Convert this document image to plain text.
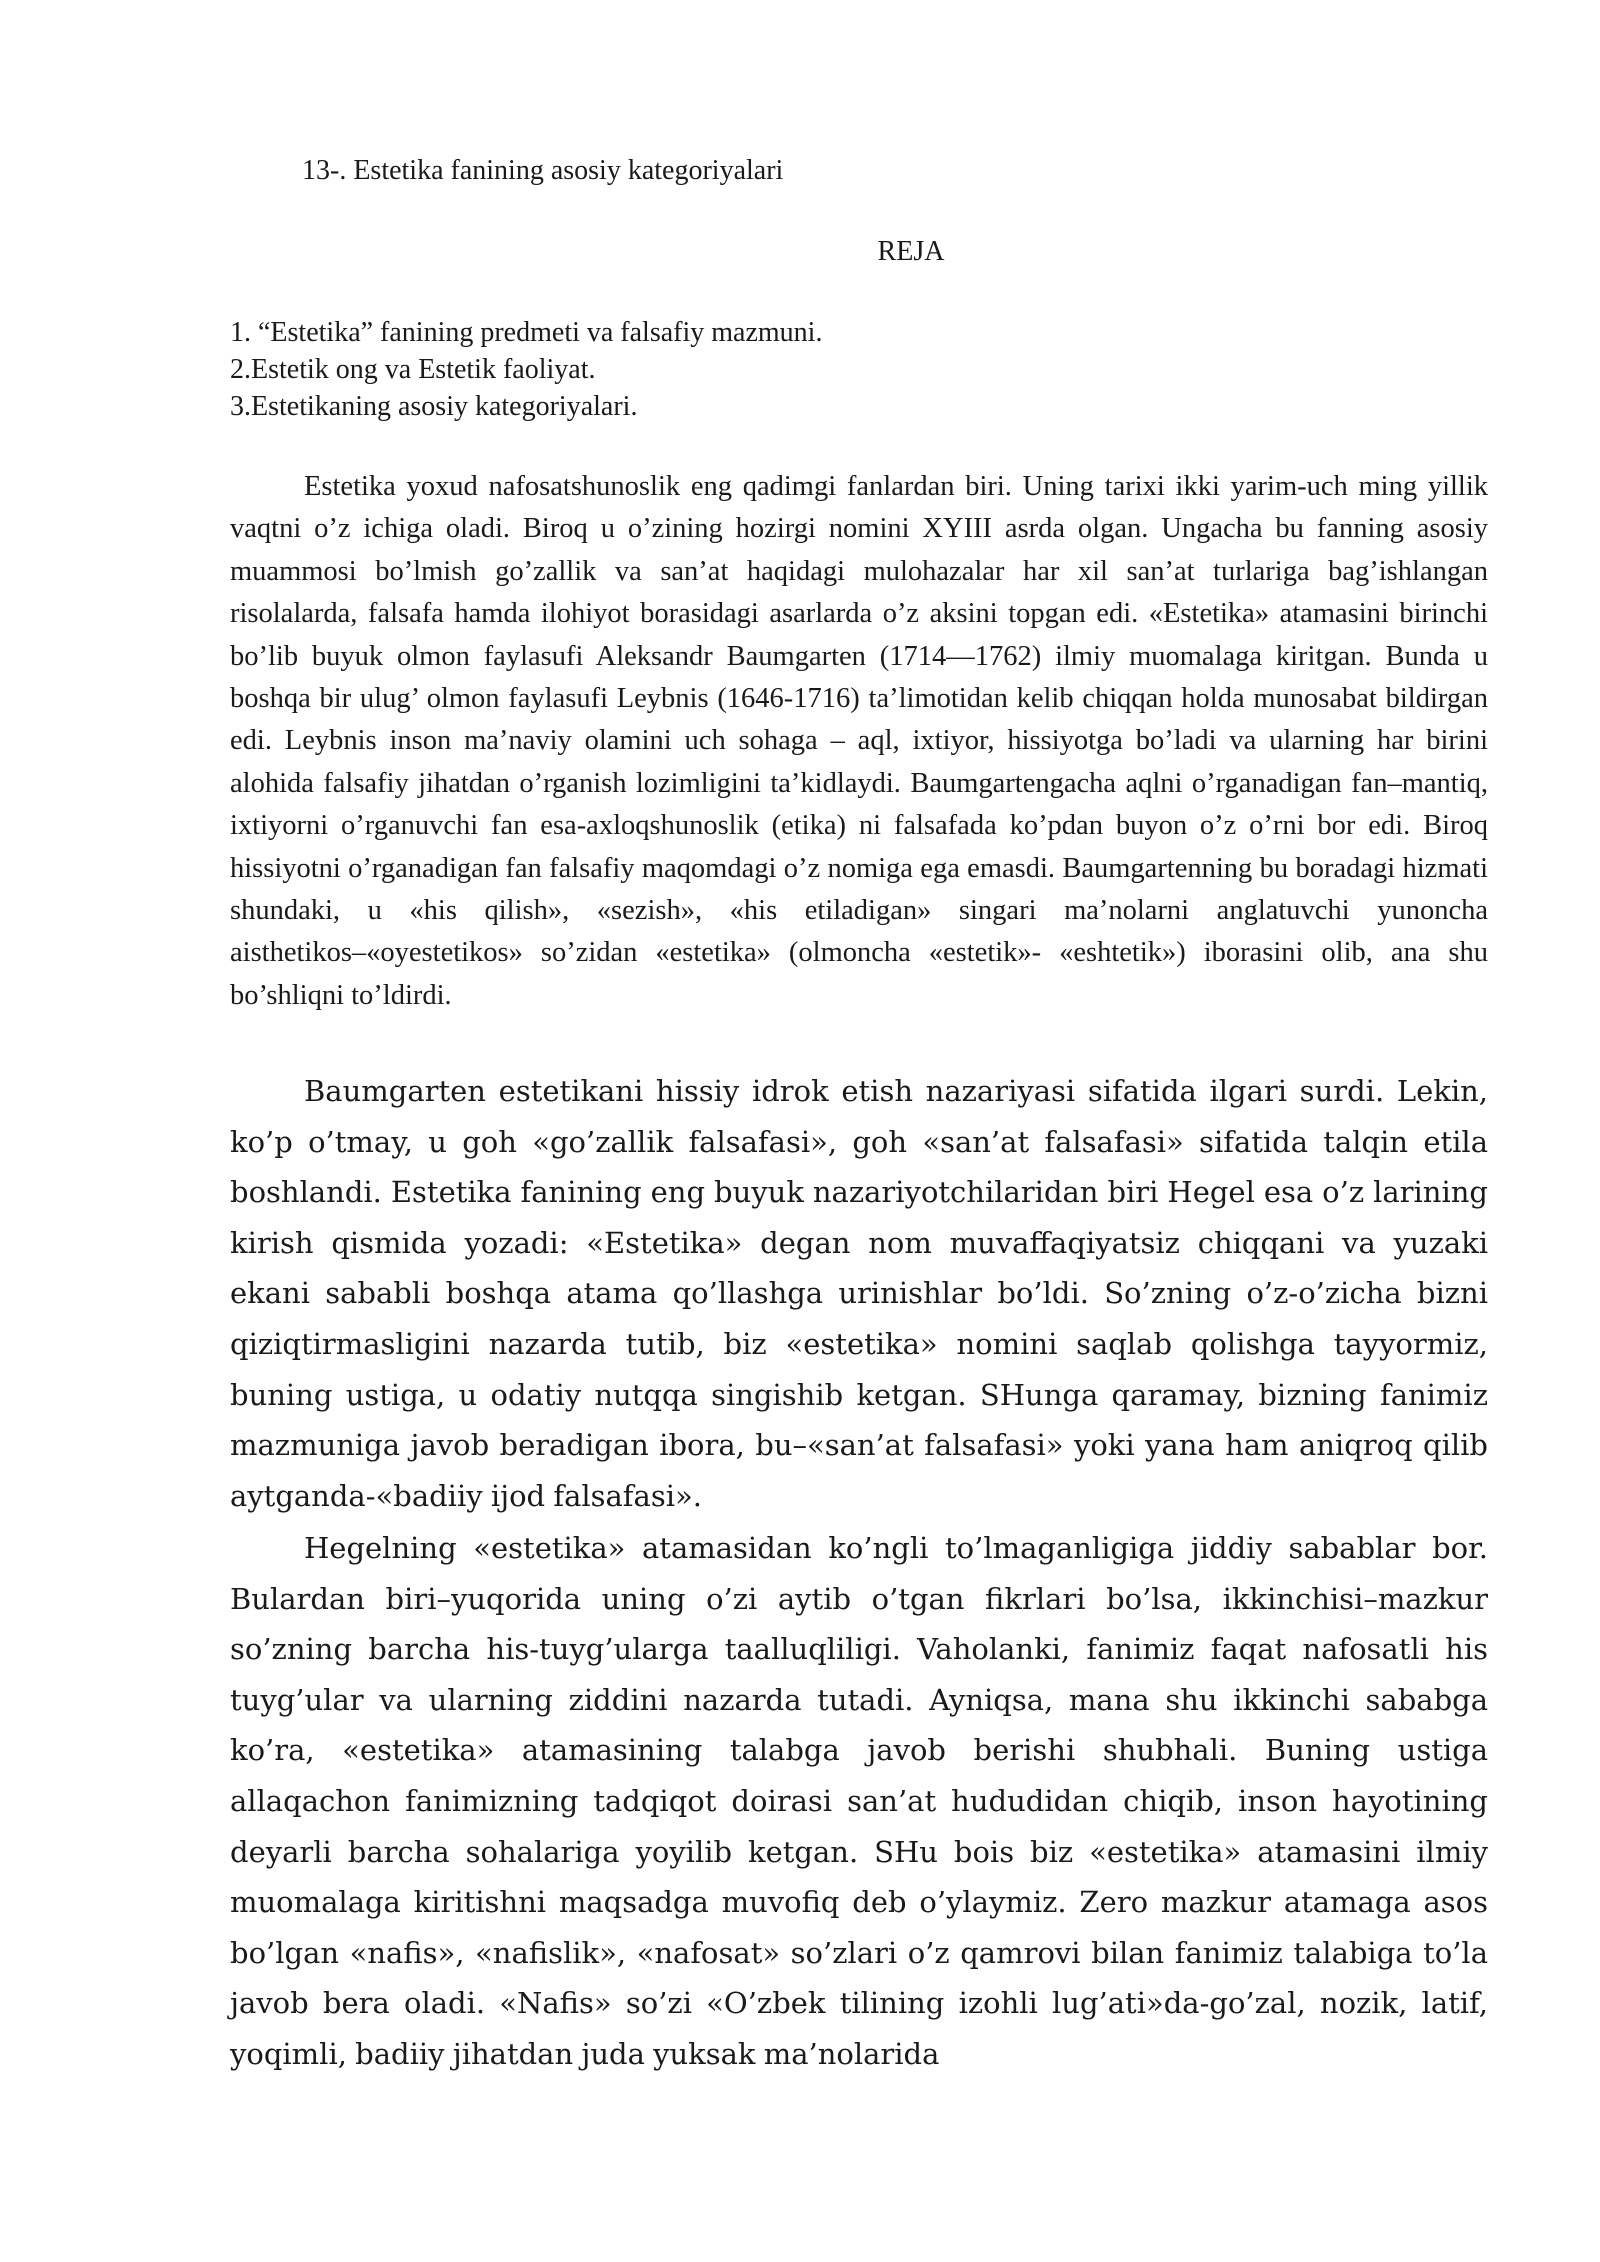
13-. Estetika fanining asosiy kategoriyalari
REJA
1. “Estetika” fanining predmeti va falsafiy mazmuni.
2.Estetik ong va Estetik faoliyat.
3.Estetikaning asosiy kategoriyalari.

Estetika yoxud nafosatshunoslik eng qadimgi fanlardan biri. Uning tarixi ikki yarim-uch ming yillik vaqtni o’z ichiga oladi. Biroq u o’zining hozirgi nomini XYIII asrda olgan. Ungacha bu fanning asosiy muammosi bo’lmish go’zallik va san’at haqidagi mulohazalar har xil san’at turlariga bag’ishlangan risolalarda, falsafa hamda ilohiyot borasidagi asarlarda o’z aksini topgan edi. «Estetika» atamasini birinchi bo’lib buyuk olmon faylasufi Aleksandr Baumgarten (1714—1762) ilmiy muomalaga kiritgan. Bunda u boshqa bir ulug’ olmon faylasufi Leybnis (1646-1716) ta’limotidan kelib chiqqan holda munosabat bildirgan edi. Leybnis inson ma’naviy olamini uch sohaga – aql, ixtiyor, hissiyotga bo’ladi va ularning har birini alohida falsafiy jihatdan o’rganish lozimligini ta’kidlaydi. Baumgartengacha aqlni o’rganadigan fan–mantiq, ixtiyorni o’rganuvchi fan esa-axloqshunoslik (etika) ni falsafada ko’pdan buyon o’z o’rni bor edi. Biroq hissiyotni o’rganadigan fan falsafiy maqomdagi o’z nomiga ega emasdi. Baumgartenning bu boradagi hizmati shundaki, u «his qilish», «sezish», «his etiladigan» singari ma’nolarni anglatuvchi yunoncha aisthetikos–«oyestetikos» so’zidan «estetika» (olmoncha «estetik»- «eshtetik») iborasini olib, ana shu bo’shliqni to’ldirdi.

Baumgarten estetikani hissiy idrok etish nazariyasi sifatida ilgari surdi. Lekin, ko’p o’tmay, u goh «go’zallik falsafasi», goh «san’at falsafasi» sifatida talqin etila boshlandi. Estetika fanining eng buyuk nazariyotchilaridan biri Hegel esa o’z larining kirish qismida yozadi: «Estetika» degan nom muvaffaqiyatsiz chiqqani va yuzaki ekani sababli boshqa atama qo’llashga urinishlar bo’ldi. So’zning o’z-o’zicha bizni qiziqtirmasligini nazarda tutib, biz «estetika» nomini saqlab qolishga tayyormiz, buning ustiga, u odatiy nutqqa singishib ketgan. SHunga qaramay, bizning fanimiz mazmuniga javob beradigan ibora, bu–«san’at falsafasi» yoki yana ham aniqroq qilib aytganda-«badiiy ijod falsafasi».

Hegelning «estetika» atamasidan ko’ngli to’lmaganligiga jiddiy sabablar bor. Bulardan biri–yuqorida uning o’zi aytib o’tgan fikrlari bo’lsa, ikkinchisi–mazkur so’zning barcha his-tuyg’ularga taalluqliligi. Vaholanki, fanimiz faqat nafosatli his tuyg’ular va ularning ziddini nazarda tutadi. Ayniqsa, mana shu ikkinchi sababga ko’ra, «estetika» atamasining talabga javob berishi shubhali. Buning ustiga allaqachon fanimizning tadqiqot doirasi san’at hududidan chiqib, inson hayotining deyarli barcha sohalariga yoyilib ketgan. SHu bois biz «estetika» atamasini ilmiy muomalaga kiritishni maqsadga muvofiq deb o’ylaymiz. Zero mazkur atamaga asos bo’lgan «nafis», «nafislik», «nafosat» so’zlari o’z qamrovi bilan fanimiz talabiga to’la javob bera oladi. «Nafis» so’zi «O’zbek tilining izohli lug’ati»da-go’zal, nozik, latif, yoqimli, badiiy jihatdan juda yuksak ma’nolarida
